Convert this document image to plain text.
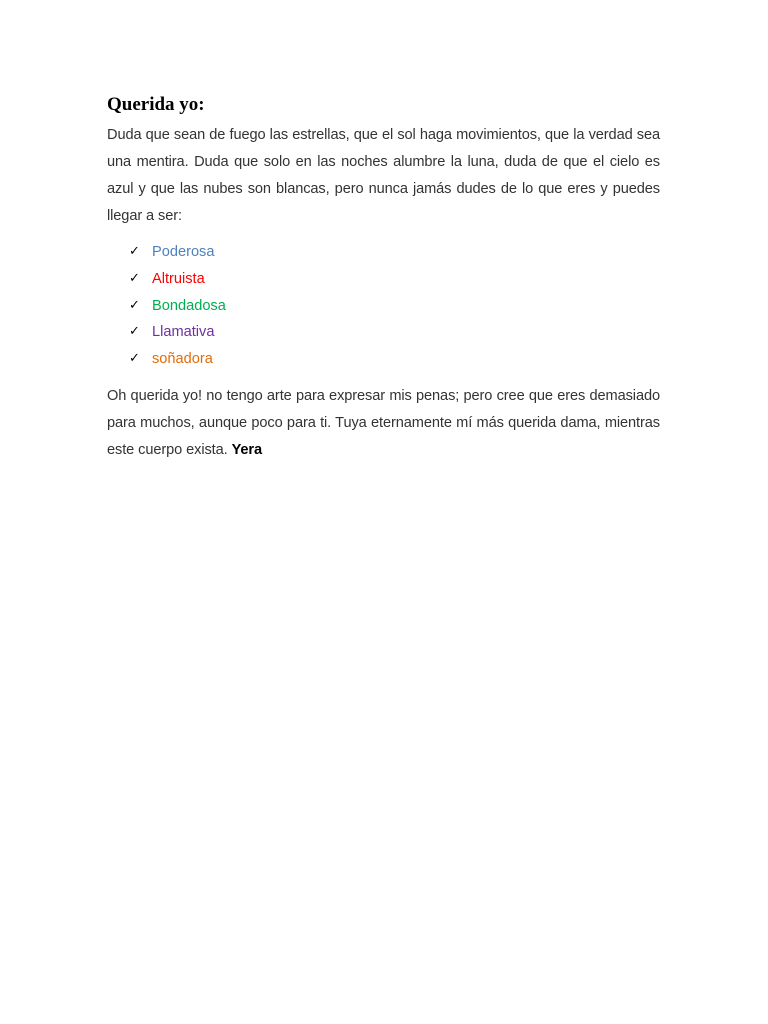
Querida yo:

Duda que sean de fuego las estrellas, que el sol haga movimientos, que la verdad sea una mentira. Duda que solo en las noches alumbre la luna, duda de que el cielo es azul y que las nubes son blancas, pero nunca jamás dudes de lo que eres y puedes llegar a ser:

✓ Poderosa
✓ Altruista
✓ Bondadosa
✓ Llamativa
✓ soñadora

Oh querida yo! no tengo arte para expresar mis penas; pero cree que eres demasiado para muchos, aunque poco para ti. Tuya eternamente mí más querida dama, mientras este cuerpo exista. Yera
